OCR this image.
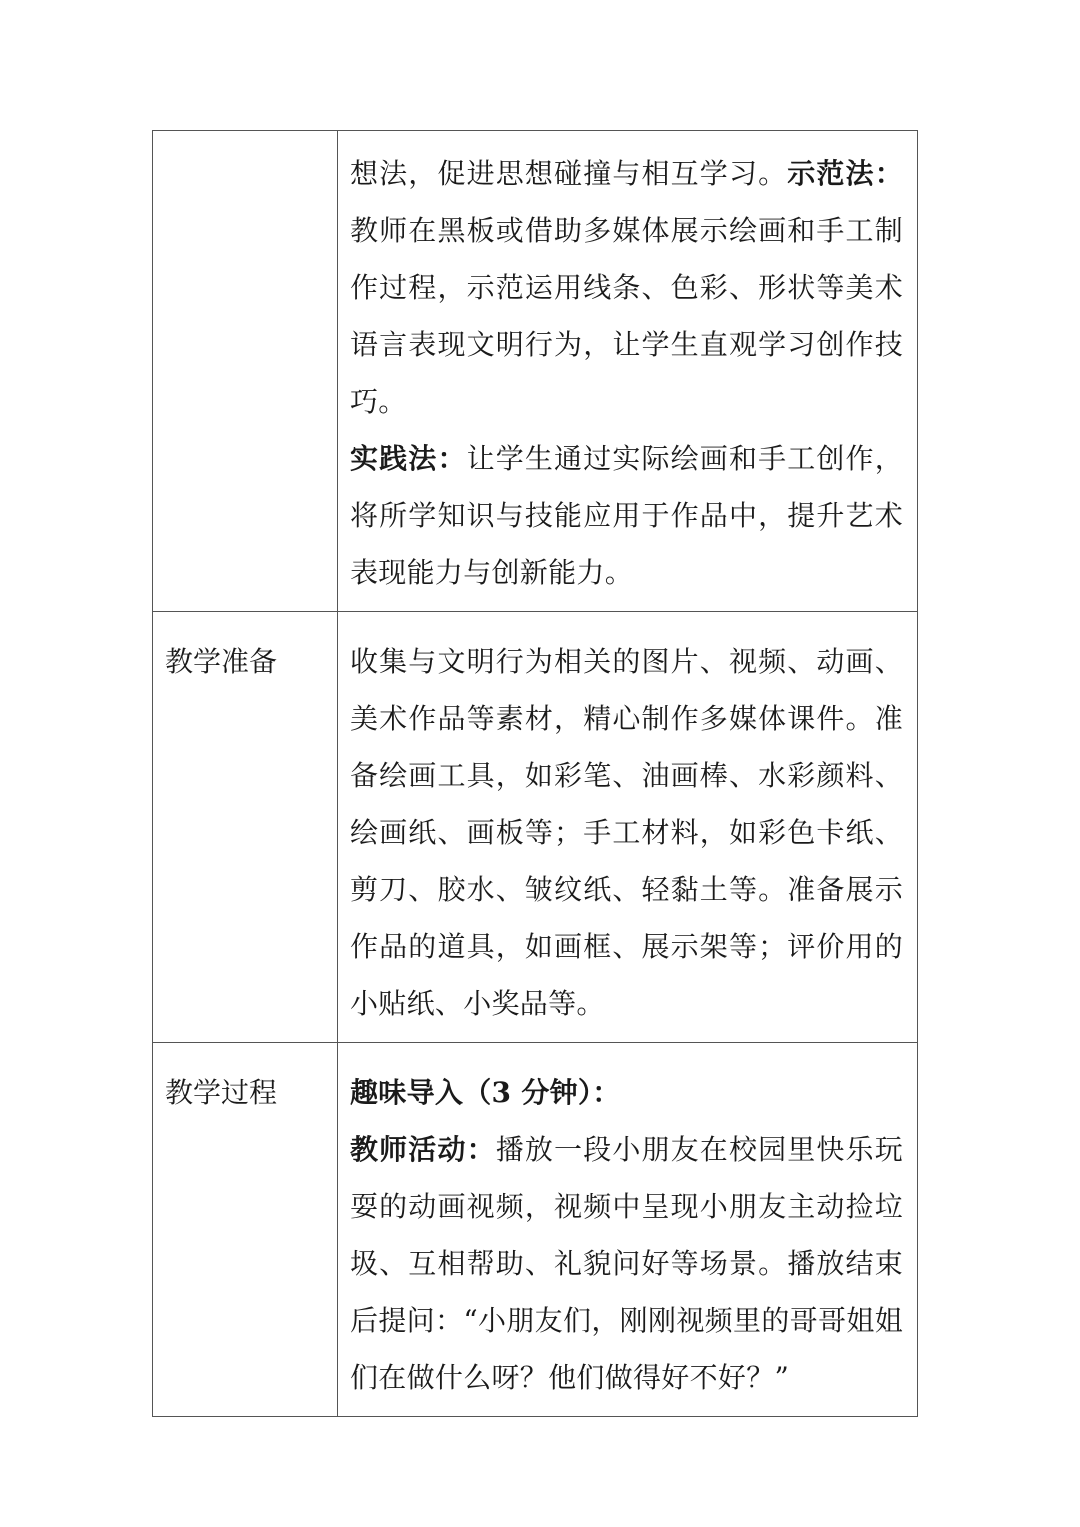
	想法，促进思想碰撞与相互学习。示范法：教师在黑板或借助多媒体展示绘画和手工制作过程，示范运用线条、色彩、形状等美术语言表现文明行为，让学生直观学习创作技巧。

实践法：让学生通过实际绘画和手工创作，将所学知识与技能应用于作品中，提升艺术表现能力与创新能力。

教学准备	收集与文明行为相关的图片、视频、动画、美术作品等素材，精心制作多媒体课件。准备绘画工具，如彩笔、油画棒、水彩颜料、绘画纸、画板等；手工材料，如彩色卡纸、剪刀、胶水、皱纹纸、轻黏土等。准备展示作品的道具，如画框、展示架等；评价用的小贴纸、小奖品等。

教学过程	趣味导入（3 分钟）：

教师活动：播放一段小朋友在校园里快乐玩耍的动画视频，视频中呈现小朋友主动捡垃圾、互相帮助、礼貌问好等场景。播放结束后提问：“小朋友们，刚刚视频里的哥哥姐姐们在做什么呀？他们做得好不好？”
